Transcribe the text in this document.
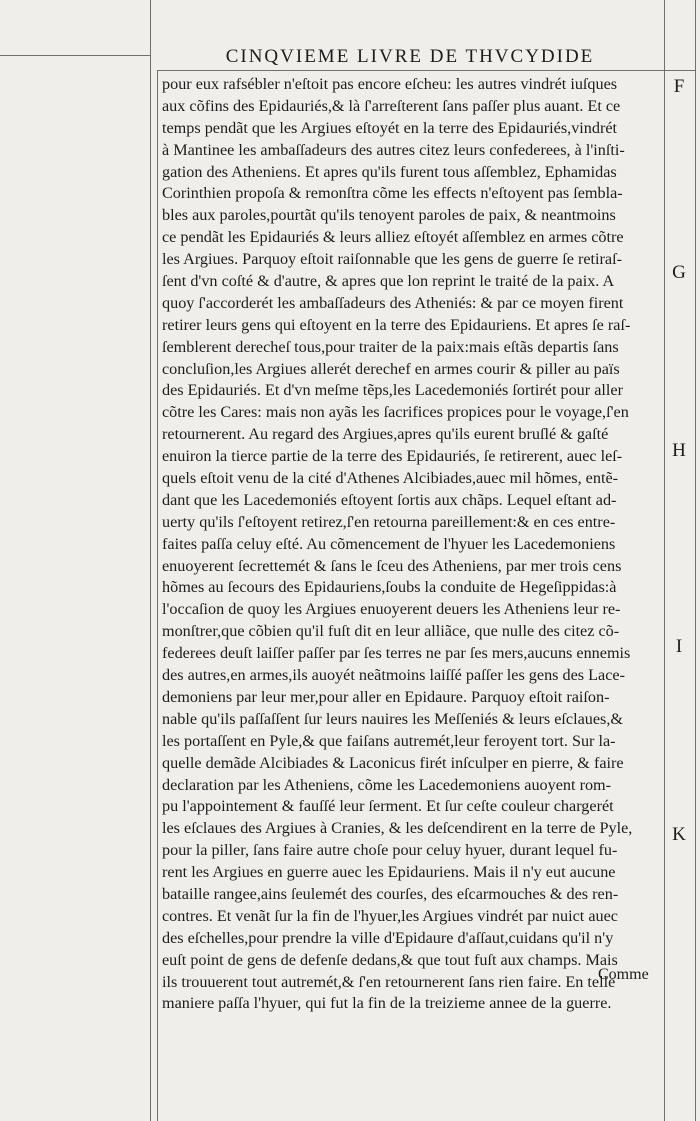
CINQVIEME LIVRE DE THVCYDIDE
pour eux rafsébler n'eſtoit pas encore eſcheu: les autres vindrét iuſques
aux cõfins des Epidauriés,& là ſ'arreſterent ſans paſſer plus auant. Et ce
temps pendãt que les Argiues eſtoyét en la terre des Epidauriés,vindrét
à Mantinee les ambaſſadeurs des autres citez leurs confederees, à l'inſti-
gation des Atheniens. Et apres qu'ils furent tous aſſemblez, Ephamidas
Corinthien propoſa & remonſtra cõme les effects n'eſtoyent pas ſembla-
bles aux paroles,pourtãt qu'ils tenoyent paroles de paix, & neantmoins
ce pendãt les Epidauriés & leurs alliez eſtoyét aſſemblez en armes cõtre
les Argiues. Parquoy eſtoit raiſonnable que les gens de guerre ſe retiraſ-
ſent d'vn coſté & d'autre, & apres que lon reprint le traité de la paix. A
quoy ſ'accorderét les ambaſſadeurs des Atheniés: & par ce moyen firent
retirer leurs gens qui eſtoyent en la terre des Epidauriens. Et apres ſe raſ-
ſemblerent derecheſ tous,pour traiter de la paix:mais eſtãs departis ſans
concluſion,les Argiues allerét derechef en armes courir & piller au païs
des Epidauriés. Et d'vn meſme tẽps,les Lacedemoniés ſortirét pour aller
cõtre les Cares: mais non ayãs les ſacrifices propices pour le voyage,ſ'en
retournerent. Au regard des Argiues,apres qu'ils eurent bruſlé & gaſté
enuiron la tierce partie de la terre des Epidauriés, ſe retirerent, auec leſ-
quels eſtoit venu de la cité d'Athenes Alcibiades,auec mil hõmes, entẽ-
dant que les Lacedemoniés eſtoyent ſortis aux chãps. Lequel eſtant ad-
uerty qu'ils ſ'eſtoyent retirez,ſ'en retourna pareillement:& en ces entre-
faites paſſa celuy eſté. Au cõmencement de l'hyuer les Lacedemoniens
enuoyerent ſecrettemét & ſans le ſceu des Atheniens, par mer trois cens
hõmes au ſecours des Epidauriens,ſoubs la conduite de Hegeſippidas:à
l'occaſion de quoy les Argiues enuoyerent deuers les Atheniens leur re-
monſtrer,que cõbien qu'il fuſt dit en leur alliãce, que nulle des citez cõ-
federees deuſt laiſſer paſſer par ſes terres ne par ſes mers,aucuns ennemis
des autres,en armes,ils auoyét neãtmoins laiſſé paſſer les gens des Lace-
demoniens par leur mer,pour aller en Epidaure. Parquoy eſtoit raiſon-
nable qu'ils paſſaſſent ſur leurs nauires les Meſſeniés & leurs eſclaues,&
les portaſſent en Pyle,& que faiſans autremét,leur feroyent tort. Sur la-
quelle demãde Alcibiades & Laconicus firét inſculper en pierre, & faire
declaration par les Atheniens, cõme les Lacedemoniens auoyent rom-
pu l'appointement & fauſſé leur ſerment. Et ſur ceſte couleur chargerét
les eſclaues des Argiues à Cranies, & les deſcendirent en la terre de Pyle,
pour la piller, ſans faire autre choſe pour celuy hyuer, durant lequel fu-
rent les Argiues en guerre auec les Epidauriens. Mais il n'y eut aucune
bataille rangee,ains ſeulemét des courſes, des eſcarmouches & des ren-
contres. Et venãt ſur la fin de l'hyuer,les Argiues vindrét par nuict auec
des eſchelles,pour prendre la ville d'Epidaure d'aſſaut,cuidans qu'il n'y
euſt point de gens de defenſe dedans,& que tout fuſt aux champs. Mais
ils trouuerent tout autremét,& ſ'en retournerent ſans rien faire. En telle
maniere paſſa l'hyuer, qui fut la fin de la treizieme annee de la guerre.
Comme
F
G
H
I
K
